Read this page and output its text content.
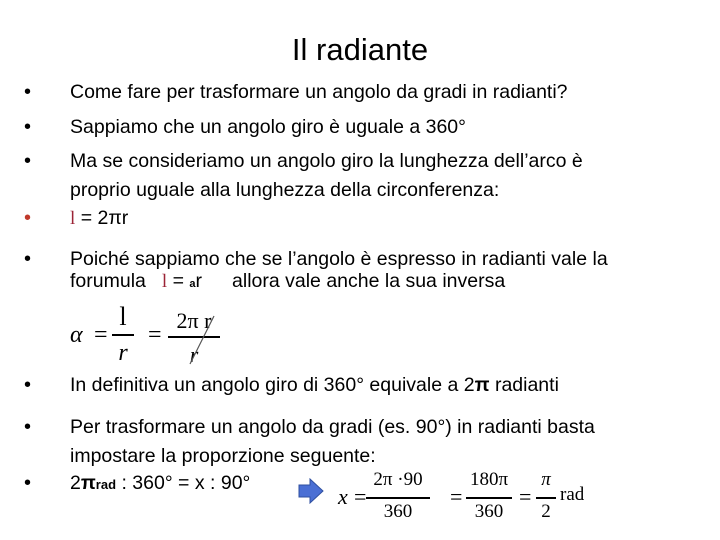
Il radiante
•	Come fare per trasformare un angolo da gradi in radianti?
•	Sappiamo che un angolo giro è uguale a 360°
•	Ma se consideriamo un angolo giro la lunghezza dell’arco è
proprio uguale alla lunghezza della circonferenza:
•	l = 2πr
•	Poiché sappiamo che se l’angolo è espresso in radianti vale la
forumula l = ar allora vale anche la sua inversa
α =
l
r
=
2π r
r
•	In definitiva un angolo giro di 360° equivale a 2π radianti
•	Per trasformare un angolo da gradi (es. 90°) in radianti basta
impostare la proporzione seguente:
•	2πrad : 360° = x : 90°
x =
2π ·90
360
=
180π
360
=
π
2
rad
